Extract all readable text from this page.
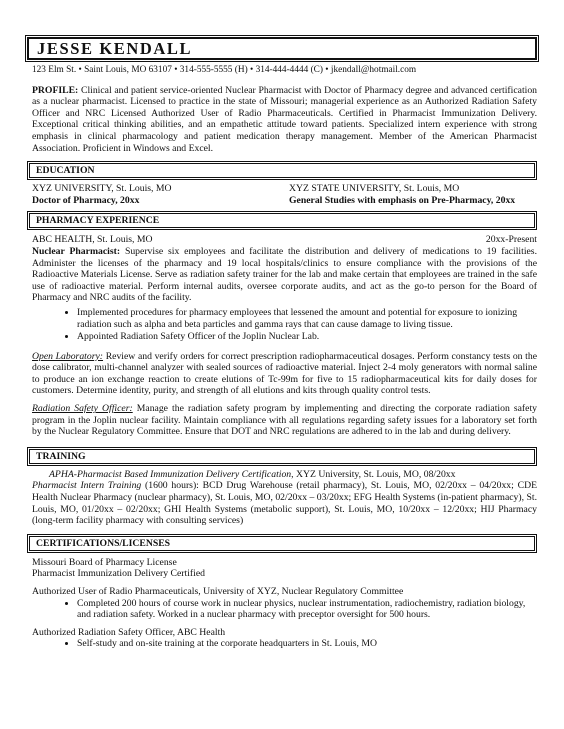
JESSE KENDALL
123 Elm St. • Saint Louis, MO 63107 • 314-555-5555 (H) • 314-444-4444 (C) • jkendall@hotmail.com
PROFILE: Clinical and patient service-oriented Nuclear Pharmacist with Doctor of Pharmacy degree and advanced certification as a nuclear pharmacist. Licensed to practice in the state of Missouri; managerial experience as an Authorized Radiation Safety Officer and NRC Licensed Authorized User of Radio Pharmaceuticals. Certified in Pharmacist Immunization Delivery. Exceptional critical thinking abilities, and an empathetic attitude toward patients. Specialized intern experience with strong emphasis in clinical pharmacology and patient medication therapy management. Member of the American Pharmacist Association. Proficient in Windows and Excel.
EDUCATION
XYZ UNIVERSITY, St. Louis, MO
Doctor of Pharmacy, 20xx
XYZ STATE UNIVERSITY, St. Louis, MO
General Studies with emphasis on Pre-Pharmacy, 20xx
PHARMACY EXPERIENCE
ABC HEALTH, St. Louis, MO	20xx-Present
Nuclear Pharmacist: Supervise six employees and facilitate the distribution and delivery of medications to 19 facilities. Administer the licenses of the pharmacy and 19 local hospitals/clinics to ensure compliance with the provisions of the Radioactive Materials License. Serve as radiation safety trainer for the lab and make certain that employees are trained in the safe use of radioactive material. Perform internal audits, oversee corporate audits, and act as the go-to person for the Board of Pharmacy and NRC audits of the facility.
• Implemented procedures for pharmacy employees that lessened the amount and potential for exposure to ionizing radiation such as alpha and beta particles and gamma rays that can cause damage to living tissue.
• Appointed Radiation Safety Officer of the Joplin Nuclear Lab.
Open Laboratory: Review and verify orders for correct prescription radiopharmaceutical dosages. Perform constancy tests on the dose calibrator, multi-channel analyzer with sealed sources of radioactive material. Inject 2-4 moly generators with normal saline to produce an ion exchange reaction to create elutions of Tc-99m for five to 15 radiopharmaceutical kits for daily doses for customers. Determine identity, purity, and strength of all elutions and kits through quality control tests.
Radiation Safety Officer: Manage the radiation safety program by implementing and directing the corporate radiation safety program in the Joplin nuclear facility. Maintain compliance with all regulations regarding safety issues for a laboratory set forth by the Nuclear Regulatory Committee. Ensure that DOT and NRC regulations are adhered to in the lab and during delivery.
TRAINING
APHA-Pharmacist Based Immunization Delivery Certification, XYZ University, St. Louis, MO, 08/20xx
Pharmacist Intern Training (1600 hours): BCD Drug Warehouse (retail pharmacy), St. Louis, MO, 02/20xx – 04/20xx; CDE Health Nuclear Pharmacy (nuclear pharmacy), St. Louis, MO, 02/20xx – 03/20xx; EFG Health Systems (in-patient pharmacy), St. Louis, MO, 01/20xx – 02/20xx; GHI Health Systems (metabolic support), St. Louis, MO, 10/20xx – 12/20xx; HIJ Pharmacy (long-term facility pharmacy with consulting services)
CERTIFICATIONS/LICENSES
Missouri Board of Pharmacy License
Pharmacist Immunization Delivery Certified
Authorized User of Radio Pharmaceuticals, University of XYZ, Nuclear Regulatory Committee
• Completed 200 hours of course work in nuclear physics, nuclear instrumentation, radiochemistry, radiation biology, and radiation safety. Worked in a nuclear pharmacy with preceptor oversight for 500 hours.
Authorized Radiation Safety Officer, ABC Health
• Self-study and on-site training at the corporate headquarters in St. Louis, MO
